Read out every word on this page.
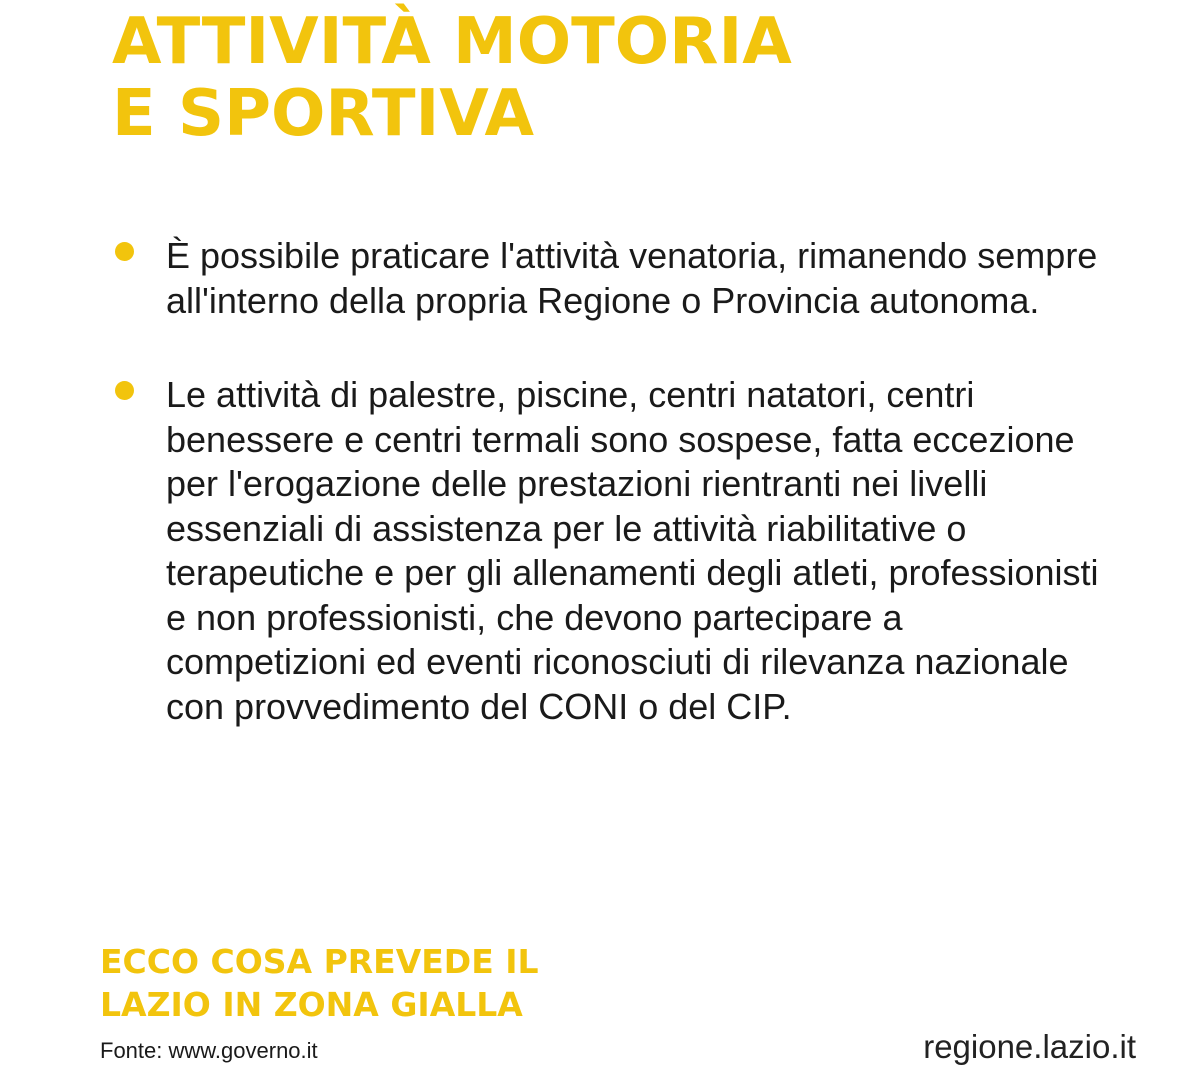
ATTIVITÀ MOTORIA
E SPORTIVA
È possibile praticare l'attività venatoria, rimanendo sempre all'interno della propria Regione o Provincia autonoma.
Le attività di palestre, piscine, centri natatori, centri benessere e centri termali sono sospese, fatta eccezione per l'erogazione delle prestazioni rientranti nei livelli essenziali di assistenza per le attività riabilitative o terapeutiche e per gli allenamenti degli atleti, professionisti e non professionisti, che devono partecipare a competizioni ed eventi riconosciuti di rilevanza nazionale con provvedimento del CONI o del CIP.
ECCO COSA PREVEDE IL
LAZIO IN ZONA GIALLA
Fonte: www.governo.it	regione.lazio.it
